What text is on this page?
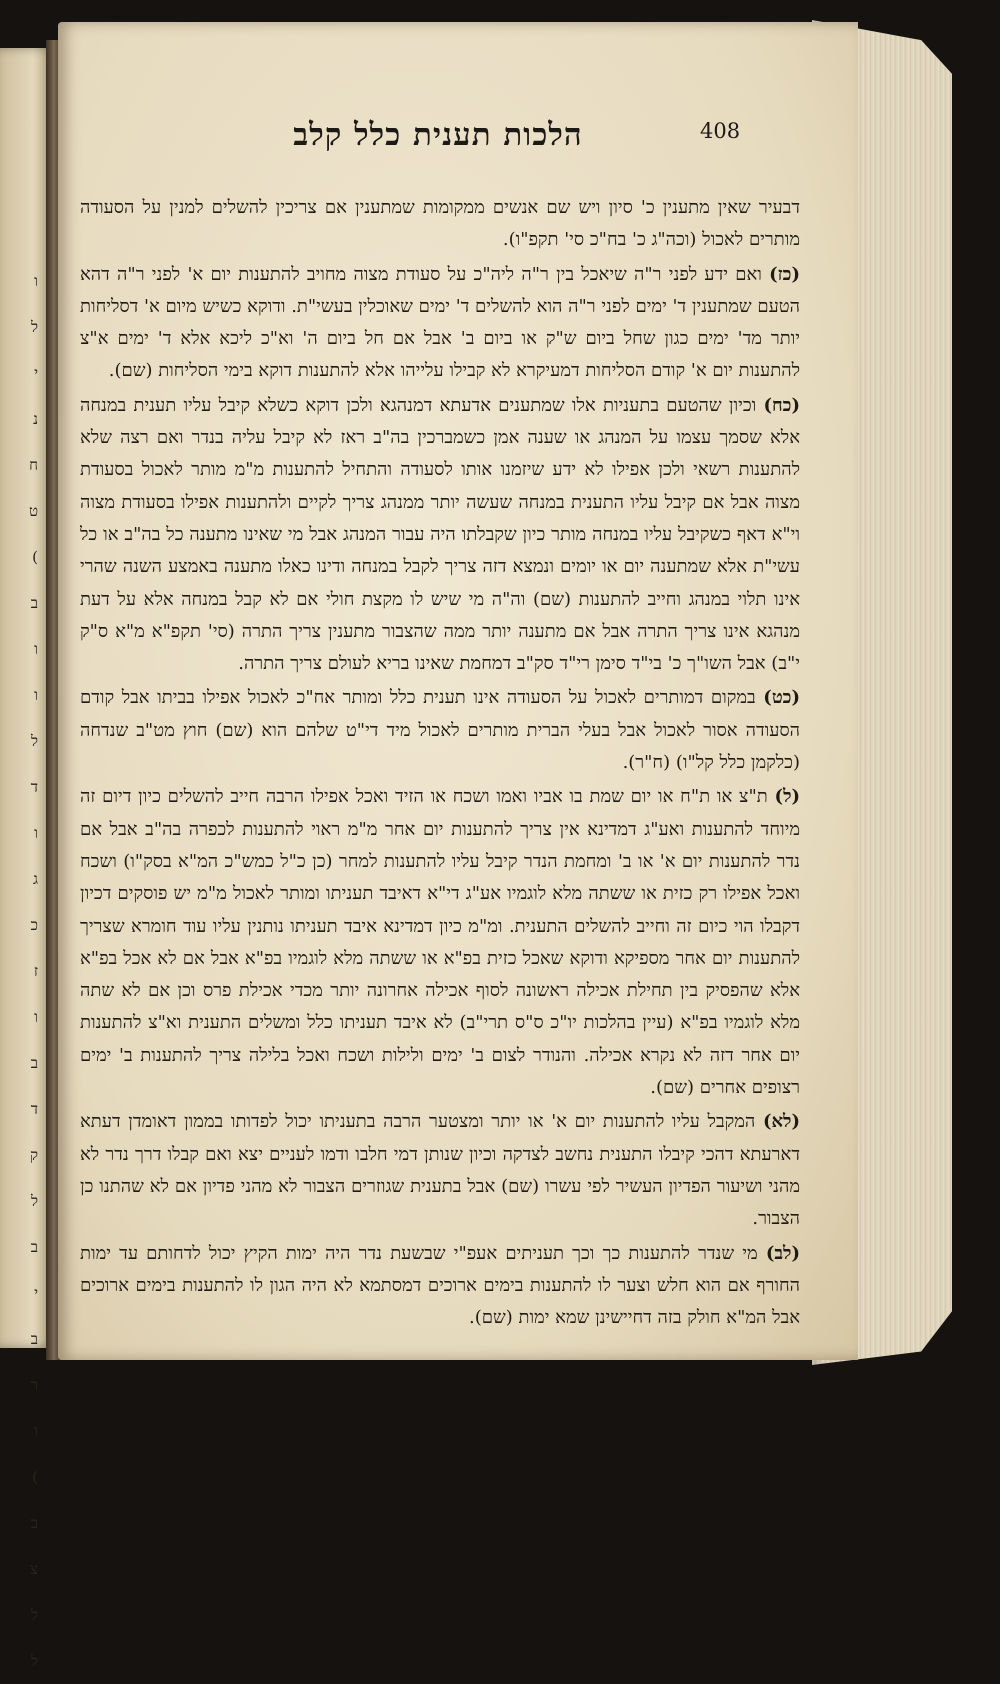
ו
ל
י
נ
ח
ט
(
ב
ו
ו
ל
ד
ו
ג
כ
ז
ו
ב
ד
ק
ל
ב
י
ב
ר
ו
(
ב
צ
ל
ל
הלכות תענית כלל קלב	408

דבעיר שאין מתענין כ' סיון ויש שם אנשים ממקומות שמתענין אם צריכין להשלים למנין על הסעודה מותרים לאכול (וכה"ג כ' בח"כ סי' תקפ"ו).

(כז) ואם ידע לפני ר"ה שיאכל בין ר"ה ליה"כ על סעודת מצוה מחויב להתענות יום א' לפני ר"ה דהא הטעם שמתענין ד' ימים לפני ר"ה הוא להשלים ד' ימים שאוכלין בעשי"ת. ודוקא כשיש מיום א' דסליחות יותר מד' ימים כגון שחל ביום ש"ק או ביום ב' אבל אם חל ביום ה' וא"כ ליכא אלא ד' ימים א"צ להתענות יום א' קודם הסליחות דמעיקרא לא קבילו עלייהו אלא להתענות דוקא בימי הסליחות (שם).

(כח) וכיון שהטעם בתעניות אלו שמתענים אדעתא דמנהגא ולכן דוקא כשלא קיבל עליו תענית במנחה אלא שסמך עצמו על המנהג או שענה אמן כשמברכין בה"ב ראז לא קיבל עליה בנדר ואם רצה שלא להתענות רשאי ולכן אפילו לא ידע שיזמנו אותו לסעודה והתחיל להתענות מ"מ מותר לאכול בסעודת מצוה אבל אם קיבל עליו התענית במנחה שעשה יותר ממנהג צריך לקיים ולהתענות אפילו בסעודת מצוה וי"א דאף כשקיבל עליו במנחה מותר כיון שקבלתו היה עבור המנהג אבל מי שאינו מתענה כל בה"ב או כל עשי"ת אלא שמתענה יום או יומים ונמצא דזה צריך לקבל במנחה ודינו כאלו מתענה באמצע השנה שהרי אינו תלוי במנהג וחייב להתענות (שם) וה"ה מי שיש לו מקצת חולי אם לא קבל במנחה אלא על דעת מנהגא אינו צריך התרה אבל אם מתענה יותר ממה שהצבור מתענין צריך התרה (סי' תקפ"א מ"א ס"ק י"ב) אבל השו"ך כ' בי"ד סימן רי"ד סק"ב דמחמת שאינו בריא לעולם צריך התרה.

(כט) במקום דמותרים לאכול על הסעודה אינו תענית כלל ומותר אח"כ לאכול אפילו בביתו אבל קודם הסעודה אסור לאכול אבל בעלי הברית מותרים לאכול מיד די"ט שלהם הוא (שם) חוץ מט"ב שנדחה (כלקמן כלל קל"ו) (ח"ר).

(ל) ת"צ או ת"ח או יום שמת בו אביו ואמו ושכח או הזיד ואכל אפילו הרבה חייב להשלים כיון דיום זה מיוחד להתענות ואע"ג דמדינא אין צריך להתענות יום אחר מ"מ ראוי להתענות לכפרה בה"ב אבל אם נדר להתענות יום א' או ב' ומחמת הנדר קיבל עליו להתענות למחר (כן כ"ל כמש"כ המ"א בסק"ו) ושכח ואכל אפילו רק כזית או ששתה מלא לוגמיו אע"ג די"א דאיבד תעניתו ומותר לאכול מ"מ יש פוסקים דכיון דקבלו הוי כיום זה וחייב להשלים התענית. ומ"מ כיון דמדינא איבד תעניתו נותנין עליו עוד חומרא שצריך להתענות יום אחר מספיקא ודוקא שאכל כזית בפ"א או ששתה מלא לוגמיו בפ"א אבל אם לא אכל בפ"א אלא שהפסיק בין תחילת אכילה ראשונה לסוף אכילה אחרונה יותר מכדי אכילת פרס וכן אם לא שתה מלא לוגמיו בפ"א (עיין בהלכות יו"כ ס"ס תרי"ב) לא איבד תעניתו כלל ומשלים התענית וא"צ להתענות יום אחר דזה לא נקרא אכילה. והנודר לצום ב' ימים ולילות ושכח ואכל בלילה צריך להתענות ב' ימים רצופים אחרים (שם).

(לא) המקבל עליו להתענות יום א' או יותר ומצטער הרבה בתעניתו יכול לפדותו בממון דאומדן דעתא דארעתא דהכי קיבלו התענית נחשב לצדקה וכיון שנותן דמי חלבו ודמו לעניים יצא ואם קבלו דרך נדר לא מהני ושיעור הפדיון העשיר לפי עשרו (שם) אבל בתענית שגוזרים הצבור לא מהני פדיון אם לא שהתנו כן הצבור.

(לב) מי שנדר להתענות כך וכך תעניתים אעפ"י שבשעת נדר היה ימות הקיץ יכול לדחותם עד ימות החורף אם הוא חלש וצער לו להתענות בימים ארוכים דמסתמא לא היה הגון לו להתענות בימים ארוכים אבל המ"א חולק בזה דחיישינן שמא ימות (שם).
